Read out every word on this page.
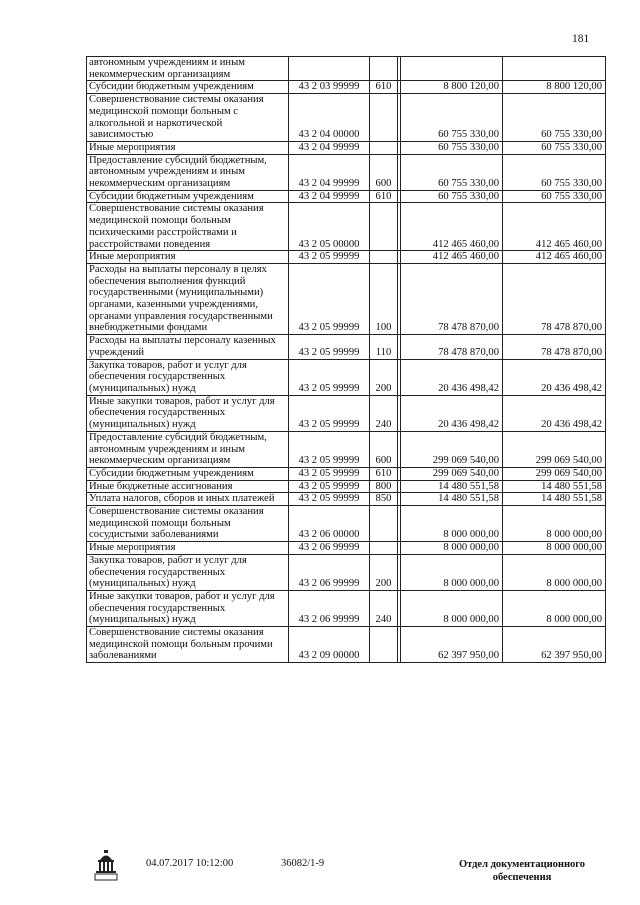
181
автономным учреждениям и иным некоммерческим организациям					
Субсидии бюджетным учреждениям	43 2 03 99999	610		8 800 120,00	8 800 120,00
Совершенствование системы оказания медицинской помощи больным с алкогольной и наркотической зависимостью	43 2 04 00000			60 755 330,00	60 755 330,00
Иные мероприятия	43 2 04 99999			60 755 330,00	60 755 330,00
Предоставление субсидий бюджетным, автономным учреждениям и иным некоммерческим организациям	43 2 04 99999	600		60 755 330,00	60 755 330,00
Субсидии бюджетным учреждениям	43 2 04 99999	610		60 755 330,00	60 755 330,00
Совершенствование системы оказания медицинской помощи больным психическими расстройствами и расстройствами поведения	43 2 05 00000			412 465 460,00	412 465 460,00
Иные мероприятия	43 2 05 99999			412 465 460,00	412 465 460,00
Расходы на выплаты персоналу в целях обеспечения выполнения функций государственными (муниципальными) органами, казенными учреждениями, органами управления государственными внебюджетными фондами	43 2 05 99999	100		78 478 870,00	78 478 870,00
Расходы на выплаты персоналу казенных учреждений	43 2 05 99999	110		78 478 870,00	78 478 870,00
Закупка товаров, работ и услуг для обеспечения государственных (муниципальных) нужд	43 2 05 99999	200		20 436 498,42	20 436 498,42
Иные закупки товаров, работ и услуг для обеспечения государственных (муниципальных) нужд	43 2 05 99999	240		20 436 498,42	20 436 498,42
Предоставление субсидий бюджетным, автономным учреждениям и иным некоммерческим организациям	43 2 05 99999	600		299 069 540,00	299 069 540,00
Субсидии бюджетным учреждениям	43 2 05 99999	610		299 069 540,00	299 069 540,00
Иные бюджетные ассигнования	43 2 05 99999	800		14 480 551,58	14 480 551,58
Уплата налогов, сборов и иных платежей	43 2 05 99999	850		14 480 551,58	14 480 551,58
Совершенствование системы оказания медицинской помощи больным сосудистыми заболеваниями	43 2 06 00000			8 000 000,00	8 000 000,00
Иные мероприятия	43 2 06 99999			8 000 000,00	8 000 000,00
Закупка товаров, работ и услуг для обеспечения государственных (муниципальных) нужд	43 2 06 99999	200		8 000 000,00	8 000 000,00
Иные закупки товаров, работ и услуг для обеспечения государственных (муниципальных) нужд	43 2 06 99999	240		8 000 000,00	8 000 000,00
Совершенствование системы оказания медицинской помощи больным прочими заболеваниями	43 2 09 00000			62 397 950,00	62 397 950,00
04.07.2017 10:12:00	36082/1-9	Отдел документационного обеспечения
